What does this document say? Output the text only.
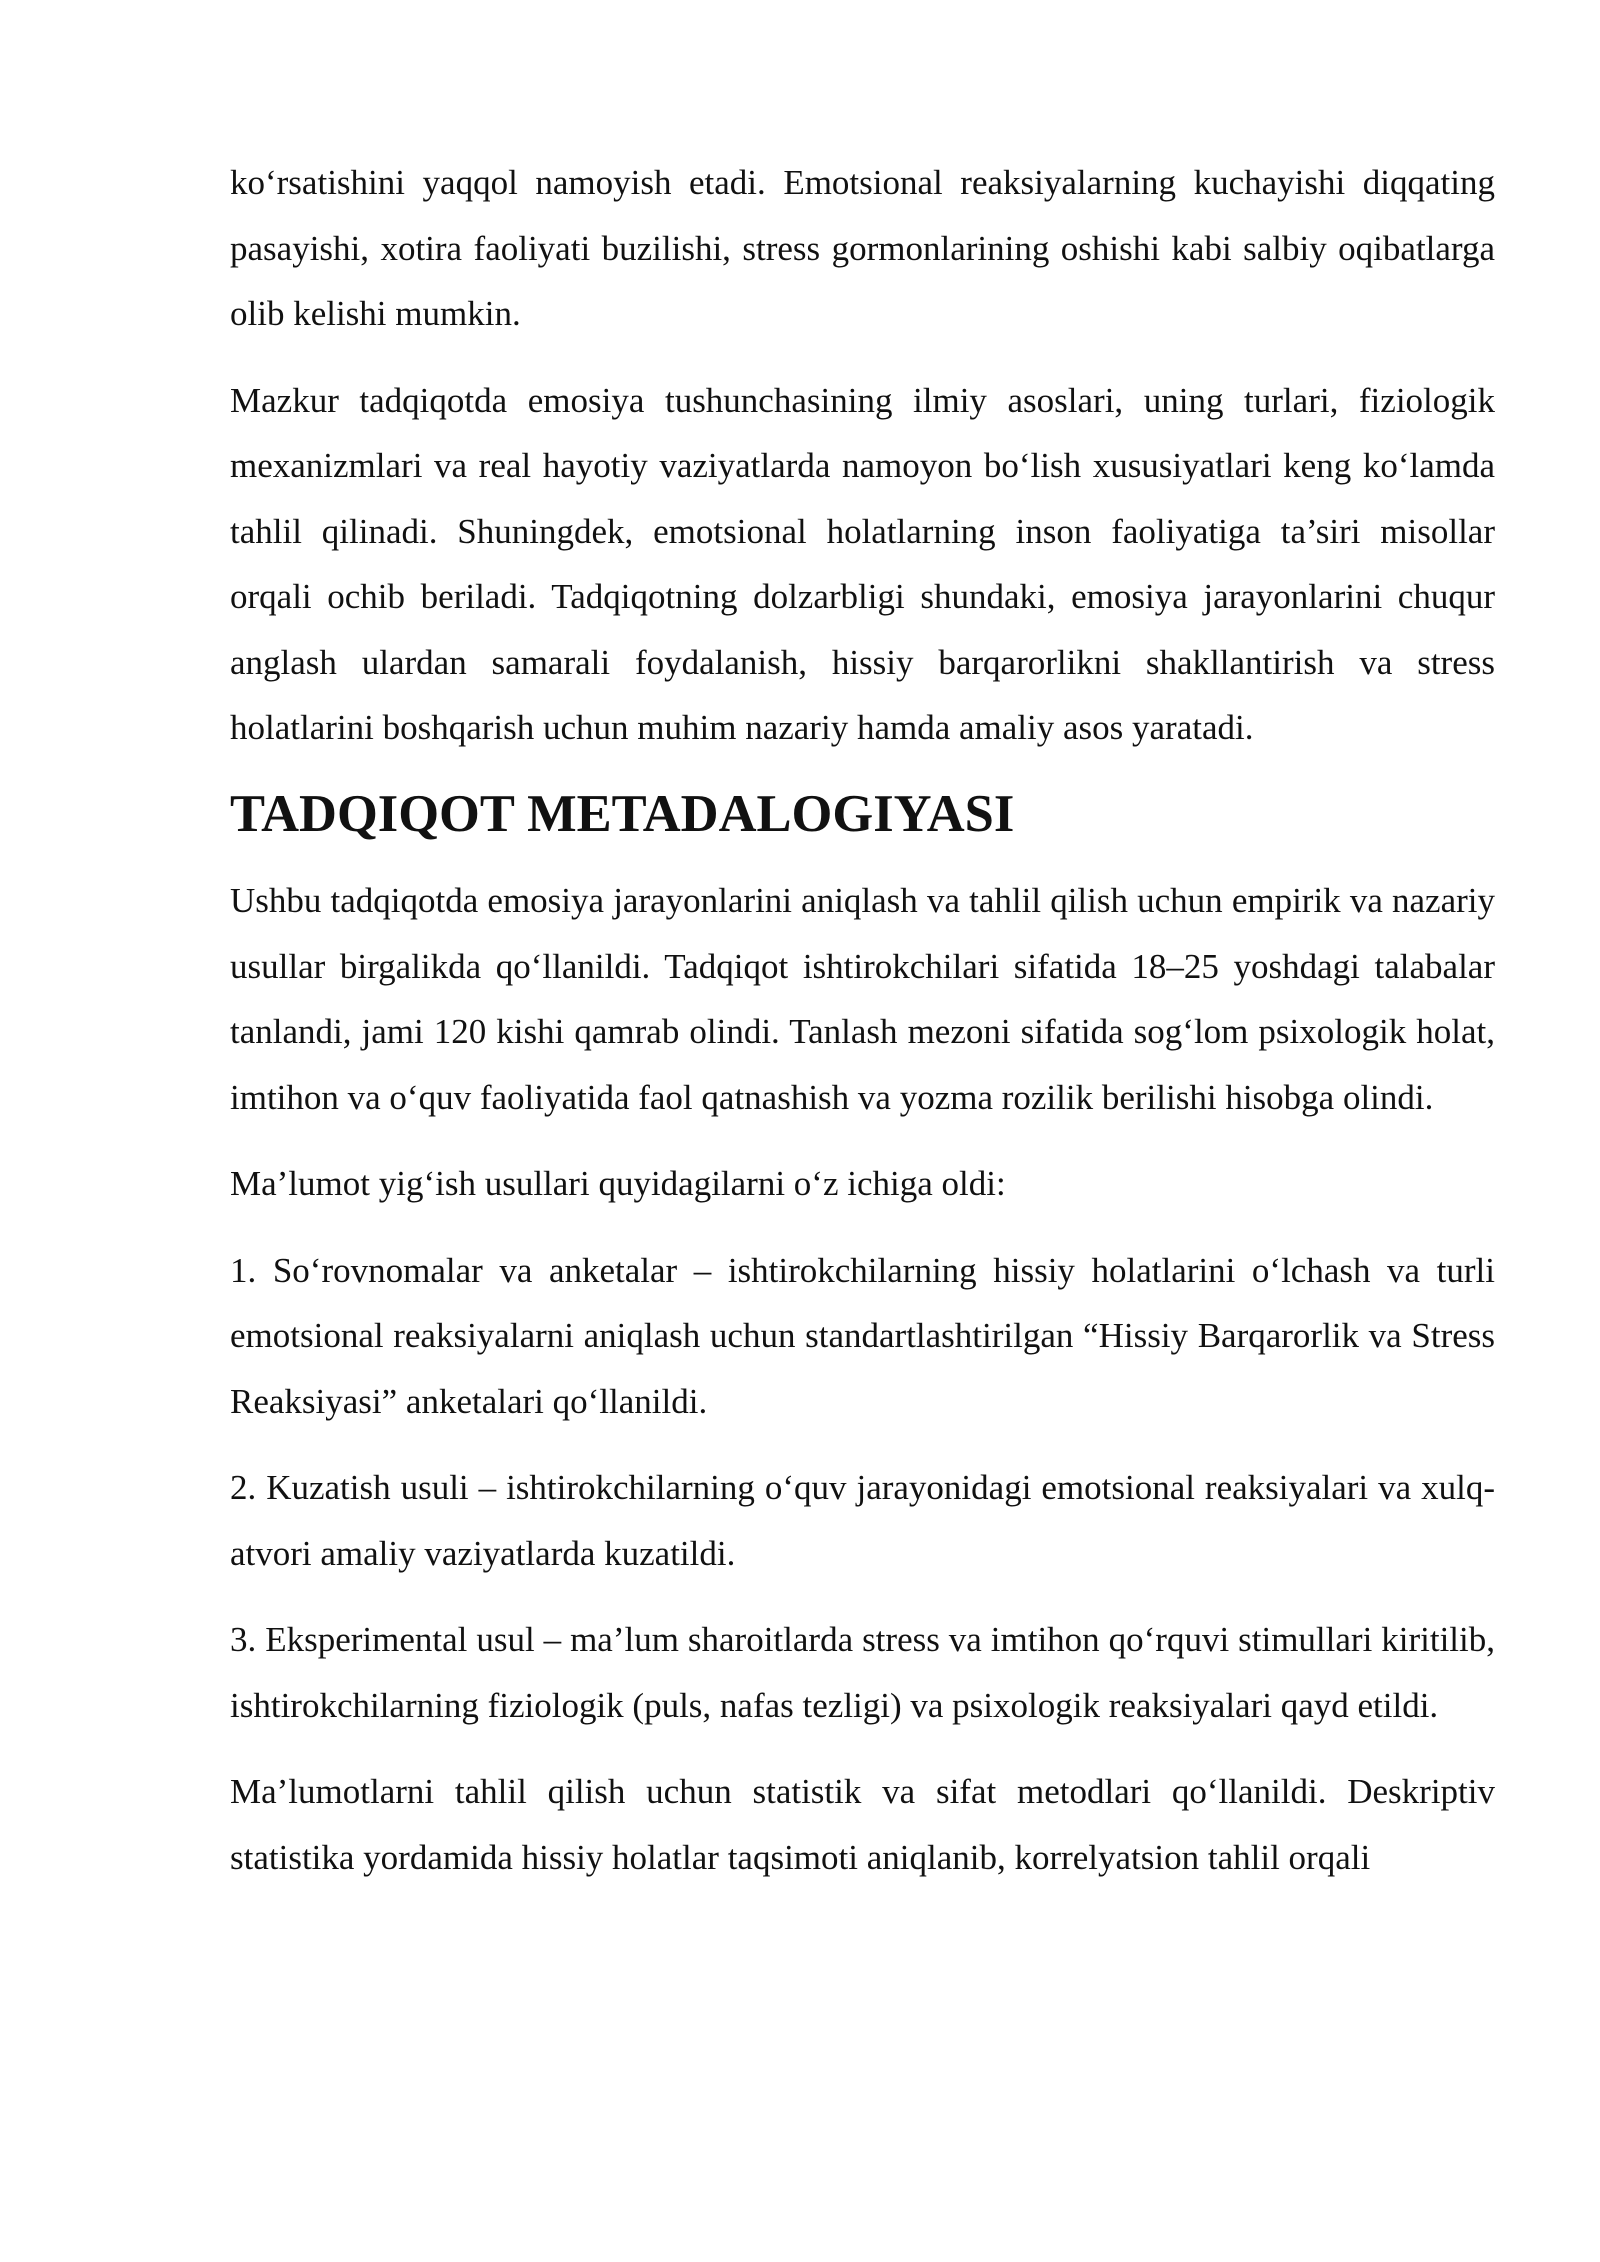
ko‘rsatishini yaqqol namoyish etadi. Emotsional reaksiyalarning kuchayishi diqqating pasayishi, xotira faoliyati buzilishi, stress gormonlarining oshishi kabi salbiy oqibatlarga olib kelishi mumkin.

Mazkur tadqiqotda emosiya tushunchasining ilmiy asoslari, uning turlari, fiziologik mexanizmlari va real hayotiy vaziyatlarda namoyon bo‘lish xususiyatlari keng ko‘lamda tahlil qilinadi. Shuningdek, emotsional holatlarning inson faoliyatiga ta’siri misollar orqali ochib beriladi. Tadqiqotning dolzarbligi shundaki, emosiya jarayonlarini chuqur anglash ulardan samarali foydalanish, hissiy barqarorlikni shakllantirish va stress holatlarini boshqarish uchun muhim nazariy hamda amaliy asos yaratadi.

TADQIQOT METADALOGIYASI

Ushbu tadqiqotda emosiya jarayonlarini aniqlash va tahlil qilish uchun empirik va nazariy usullar birgalikda qo‘llanildi. Tadqiqot ishtirokchilari sifatida 18–25 yoshdagi talabalar tanlandi, jami 120 kishi qamrab olindi. Tanlash mezoni sifatida sog‘lom psixologik holat, imtihon va o‘quv faoliyatida faol qatnashish va yozma rozilik berilishi hisobga olindi.

Ma’lumot yig‘ish usullari quyidagilarni o‘z ichiga oldi:

1. So‘rovnomalar va anketalar – ishtirokchilarning hissiy holatlarini o‘lchash va turli emotsional reaksiyalarni aniqlash uchun standartlashtirilgan “Hissiy Barqarorlik va Stress Reaksiyasi” anketalari qo‘llanildi.

2. Kuzatish usuli – ishtirokchilarning o‘quv jarayonidagi emotsional reaksiyalari va xulq-atvori amaliy vaziyatlarda kuzatildi.

3. Eksperimental usul – ma’lum sharoitlarda stress va imtihon qo‘rquvi stimullari kiritilib, ishtirokchilarning fiziologik (puls, nafas tezligi) va psixologik reaksiyalari qayd etildi.

Ma’lumotlarni tahlil qilish uchun statistik va sifat metodlari qo‘llanildi. Deskriptiv statistika yordamida hissiy holatlar taqsimoti aniqlanib, korrelyatsion tahlil orqali
